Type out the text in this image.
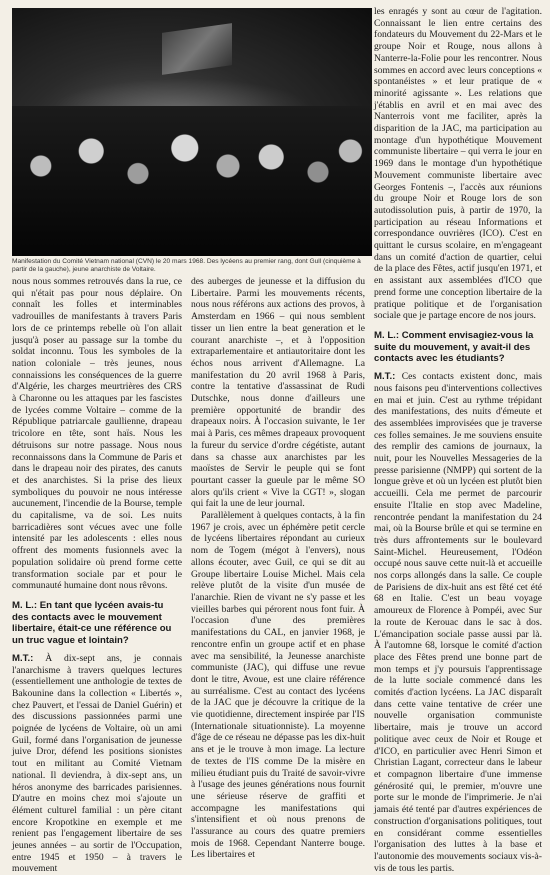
Manifestation du Comité Vietnam national (CVN) le 20 mars 1968. Des lycéens au premier rang, dont Gull (cinquième à partir de la gauche), jeune anarchiste de Voltaire.

nous nous sommes retrouvés dans la rue, ce qui n'était pas pour nous déplaire. On connaît les folles et interminables vadrouilles de manifestants à travers Paris lors de ce printemps rebelle où l'on allait jusqu'à poser au passage sur la tombe du soldat inconnu. Tous les symboles de la nation coloniale – très jeunes, nous connaissions les conséquences de la guerre d'Algérie, les charges meurtrières des CRS à Charonne ou les attaques par les fascistes de lycées comme Voltaire – comme de la République patriarcale gaullienne, drapeau tricolore en tête, sont haïs. Nous les détruisons sur notre passage. Nous nous reconnaissons dans la Commune de Paris et dans le drapeau noir des pirates, des canuts et des anarchistes. Si la prise des lieux symboliques du pouvoir ne nous intéresse aucunement, l'incendie de la Bourse, temple du capitalisme, va de soi. Les nuits barricadières sont vécues avec une folle intensité par les adolescents : elles nous offrent des moments fusionnels avec la population solidaire où prend forme cette transformation sociale par et pour le communauté humaine dont nous rêvons.

M. L.: En tant que lycéen avais-tu des contacts avec le mouvement libertaire, était-ce une référence ou un truc vague et lointain?

M.T.: À dix-sept ans, je connais l'anarchisme à travers quelques lectures (essentiellement une anthologie de textes de Bakounine dans la collection « Libertés », chez Pauvert, et l'essai de Daniel Guérin) et des discussions passionnées parmi une poignée de lycéens de Voltaire, où un ami Guil, formé dans l'organisation de jeunesse juive Dror, défend les positions sionistes tout en militant au Comité Vietnam national. Il deviendra, à dix-sept ans, un héros anonyme des barricades parisiennes. D'autre en moins chez moi s'ajoute un élément culturel familial : un père citant encore Kropotkine en exemple et me renient pas l'engagement libertaire de ses jeunes années – au sortir de l'Occupation, entre 1945 et 1950 – à travers le mouvement

des auberges de jeunesse et la diffusion du Libertaire. Parmi les mouvements récents, nous nous référons aux actions des provos, à Amsterdam en 1966 – qui nous semblent tisser un lien entre la beat generation et le courant anarchiste –, et à l'opposition extraparlementaire et antiautoritaire dont les échos nous arrivent d'Allemagne. La manifestation du 20 avril 1968 à Paris, contre la tentative d'assassinat de Rudi Dutschke, nous donne d'ailleurs une première opportunité de brandir des drapeaux noirs. À l'occasion suivante, le 1er mai à Paris, ces mêmes drapeaux provoquent la fureur du service d'ordre cégétiste, autant dans sa chasse aux anarchistes par les maoïstes de Servir le peuple qui se font pourtant casser la gueule par le même SO alors qu'ils crient « Vive la CGT! », slogan qui fait la une de leur journal.

Parallèlement à quelques contacts, à la fin 1967 je crois, avec un éphémère petit cercle de lycéens libertaires répondant au curieux nom de Togem (mégot à l'envers), nous allons écouter, avec Guil, ce qui se dit au Groupe libertaire Louise Michel. Mais cela relève plutôt de la visite d'un musée de l'anarchie. Rien de vivant ne s'y passe et les vieilles barbes qui pérorent nous font fuir. À l'occasion d'une des premières manifestations du CAL, en janvier 1968, je rencontre enfin un groupe actif et en phase avec ma sensibilité, la Jeunesse anarchiste communiste (JAC), qui diffuse une revue dont le titre, Avoue, est une claire référence au surréalisme. C'est au contact des lycéens de la JAC que je découvre la critique de la vie quotidienne, directement inspirée par l'IS (Internationale situationniste). La moyenne d'âge de ce réseau ne dépasse pas les dix-huit ans et je le trouve à mon image. La lecture de textes de l'IS comme De la misère en milieu étudiant puis du Traité de savoir-vivre à l'usage des jeunes générations nous fournit une sérieuse réserve de graffiti et accompagne les manifestations qui s'intensifient et où nous prenons de l'assurance au cours des quatre premiers mois de 1968. Cependant Nanterre bouge. Les libertaires et

les enragés y sont au cœur de l'agitation. Connaissant le lien entre certains des fondateurs du Mouvement du 22-Mars et le groupe Noir et Rouge, nous allons à Nanterre-la-Folie pour les rencontrer. Nous sommes en accord avec leurs conceptions « spontanéistes » et leur pratique de « minorité agissante ». Les relations que j'établis en avril et en mai avec des Nanterrois vont me faciliter, après la disparition de la JAC, ma participation au montage d'un hypothétique Mouvement communiste libertaire – qui verra le jour en 1969 dans le montage d'un hypothétique Mouvement communiste libertaire avec Georges Fontenis –, l'accès aux réunions du groupe Noir et Rouge lors de son autodissolution puis, à partir de 1970, la participation au réseau Informations et correspondance ouvrières (ICO). C'est en quittant le cursus scolaire, en m'engageant dans un comité d'action de quartier, celui de la place des Fêtes, actif jusqu'en 1971, et en assistant aux assemblées d'ICO que prend forme une conception libertaire de la pratique politique et de l'organisation sociale que je partage encore de nos jours.

M. L.: Comment envisagiez-vous la suite du mouvement, y avait-il des contacts avec les étudiants?

M.T.: Ces contacts existent donc, mais nous faisons peu d'interventions collectives en mai et juin. C'est au rythme trépidant des manifestations, des nuits d'émeute et des assemblées improvisées que je traverse ces folles semaines. Je me souviens ensuite des remplir des camions de journaux, la nuit, pour les Nouvelles Messageries de la presse parisienne (NMPP) qui sortent de la longue grève et où un lycéen est plutôt bien accueilli. Cela me permet de parcourir ensuite l'Italie en stop avec Madeline, rencontrée pendant la manifestation du 24 mai, où la Bourse brûle et qui se termine en très durs affrontements sur le boulevard Saint-Michel. Heureusement, l'Odéon occupé nous sauve cette nuit-là et accueille nos corps allongés dans la salle. Ce couple de Parisiens de dix-huit ans est fêté cet été 68 en Italie. C'est un beau voyage amoureux de Florence à Pompéi, avec Sur la route de Kerouac dans le sac à dos. L'émancipation sociale passe aussi par là. À l'automne 68, lorsque le comité d'action place des Fêtes prend une bonne part de mon temps et j'y poursuis l'apprentissage de la lutte sociale commencé dans les comités d'action lycéens. La JAC disparaît dans cette vaine tentative de créer une nouvelle organisation communiste libertaire, mais je trouve un accord politique avec ceux de Noir et Rouge et d'ICO, en particulier avec Henri Simon et Christian Lagant, correcteur dans le labeur et compagnon libertaire d'une immense générosité qui, le premier, m'ouvre une porte sur le monde de l'imprimerie. Je n'ai jamais été tenté par d'autres expériences de construction d'organisations politiques, tout en considérant comme essentielles l'organisation des luttes à la base et l'autonomie des mouvements sociaux vis-à-vis de tous les partis.
